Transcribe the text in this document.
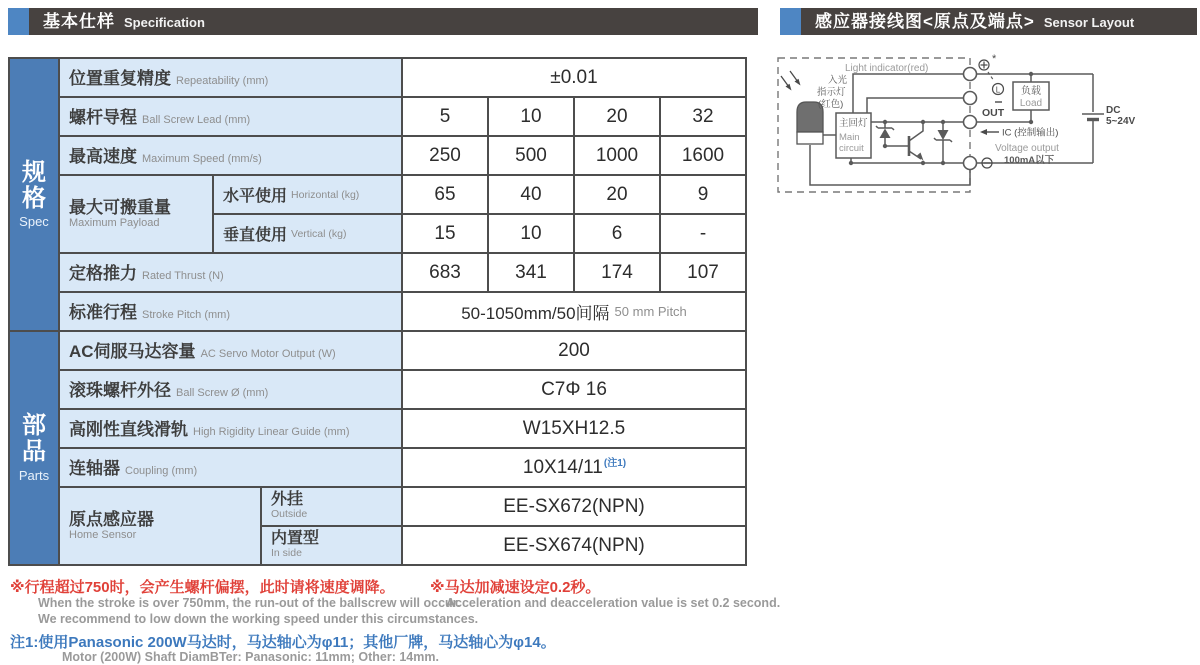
基本仕样 Specification	感应器接线图<原点及端点> Sensor Layout
规格
Spec
部品
Parts
位置重复精度 Repeatability (mm)	±0.01
螺杆导程 Ball Screw Lead (mm)	5	10	20	32
最高速度 Maximum Speed (mm/s)	250	500	1000 1600
最大可搬重量
Maximum Payload
水平使用 Horizontal (kg)	65	40	20	9
垂直使用 Vertical (kg)	15	10	6	-
定格推力 Rated Thrust (N)	683	341	174	107
标准行程 Stroke Pitch (mm)	50-1050mm/50间隔 50 mm Pitch
AC伺服马达容量 AC Servo Motor Output (W)	200
滚珠螺杆外径 Ball Screw Ø (mm)	C7Φ 16
高刚性直线滑轨 High Rigidity Linear Guide (mm)	W15XH12.5
连轴器 Coupling (mm)	$10X14/11^{(注1)}$
原点感应器
Home Sensor
外挂
Outside	EE-SX672(NPN)
内置型
In side	EE-SX674(NPN)
※行程超过750时，会产生螺杆偏摆，此时请将速度调降。
When the stroke is over 750mm, the run-out of the ballscrew will occur.
We recommend to low down the working speed under this circumstances.
※马达加减速设定0.2秒。
Acceleration and deacceleration value is set 0.2 second.
注1:使用Panasonic 200W马达时，马达轴心为φ11；其他厂牌，马达轴心为φ14。
Motor (200W) Shaft DiamBTer: Panasonic: 11mm; Other: 14mm.
DC
5~24V
负载
Load
主回灯
Main
circuit
入光
指示灯
(红色)
Light indicator(red)
*
L
OUT
IC (控制输出)
Voltage output
100mA以下
